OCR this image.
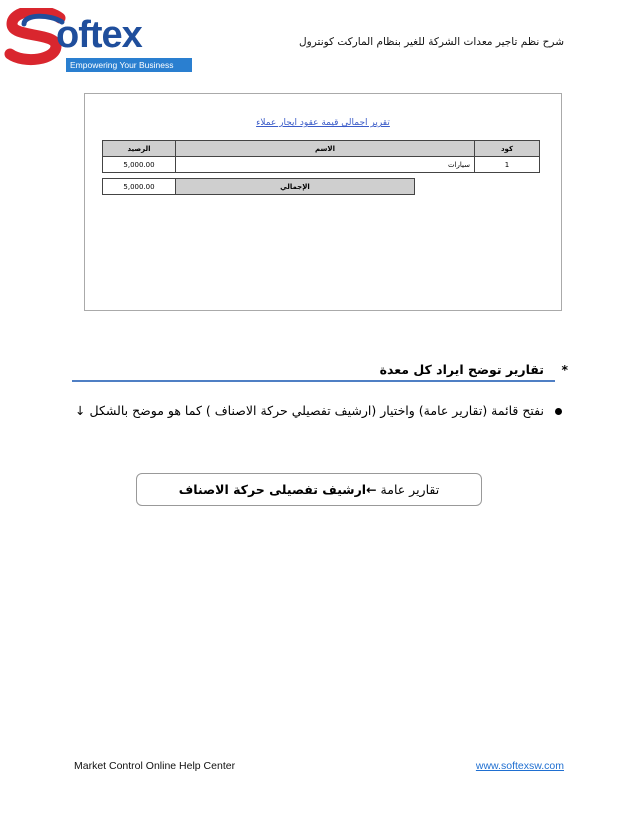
oftex
Empowering Your Business Future
شرح نظم تاجير معدات الشركة للغير بنظام الماركت كونترول
تقرير اجمالي قيمة عقود ايجار عملاء
كود	الاسم	الرصيد
1	سيارات	5,000.00
الإجمالي	5,000.00
تقارير توضح ايراد كل معدة *
نفتح قائمة (تقارير عامة) واختيار (ارشيف تفصيلي حركة الاصناف ) كما هو موضح بالشكل ↓
تقارير عامة ←ارشيف تفصيلى حركة الاصناف
Market Control Online Help Center	www.softexsw.com
